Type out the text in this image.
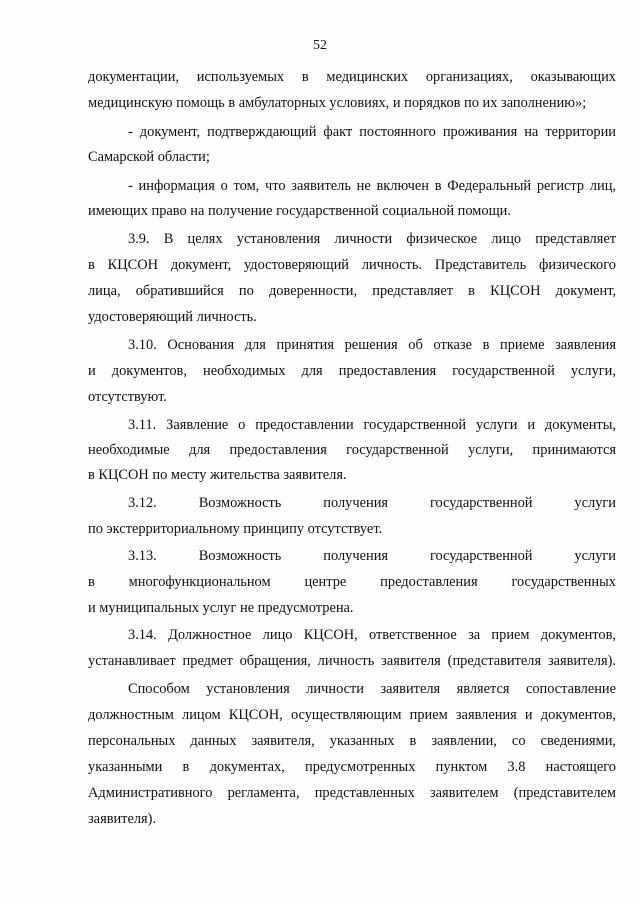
52
документации, используемых в медицинских организациях, оказывающих
медицинскую помощь в амбулаторных условиях, и порядков по их заполнению»;
- документ, подтверждающий факт постоянного проживания на территории
Самарской области;
- информация о том, что заявитель не включен в Федеральный регистр лиц,
имеющих право на получение государственной социальной помощи.
3.9. В целях установления личности физическое лицо представляет
в КЦСОН документ, удостоверяющий личность. Представитель физического
лица, обратившийся по доверенности, представляет в КЦСОН документ,
удостоверяющий личность.
3.10. Основания для принятия решения об отказе в приеме заявления
и документов, необходимых для предоставления государственной услуги,
отсутствуют.
3.11. Заявление о предоставлении государственной услуги и документы,
необходимые для предоставления государственной услуги, принимаются
в КЦСОН по месту жительства заявителя.
3.12. Возможность получения государственной услуги
по экстерриториальному принципу отсутствует.
3.13. Возможность получения государственной услуги
в многофункциональном центре предоставления государственных
и муниципальных услуг не предусмотрена.
3.14. Должностное лицо КЦСОН, ответственное за прием документов,
устанавливает предмет обращения, личность заявителя (представителя заявителя).
Способом установления личности заявителя является сопоставление
должностным лицом КЦСОН, осуществляющим прием заявления и документов,
персональных данных заявителя, указанных в заявлении, со сведениями,
указанными в документах, предусмотренных пунктом 3.8 настоящего
Административного регламента, представленных заявителем (представителем
заявителя).
